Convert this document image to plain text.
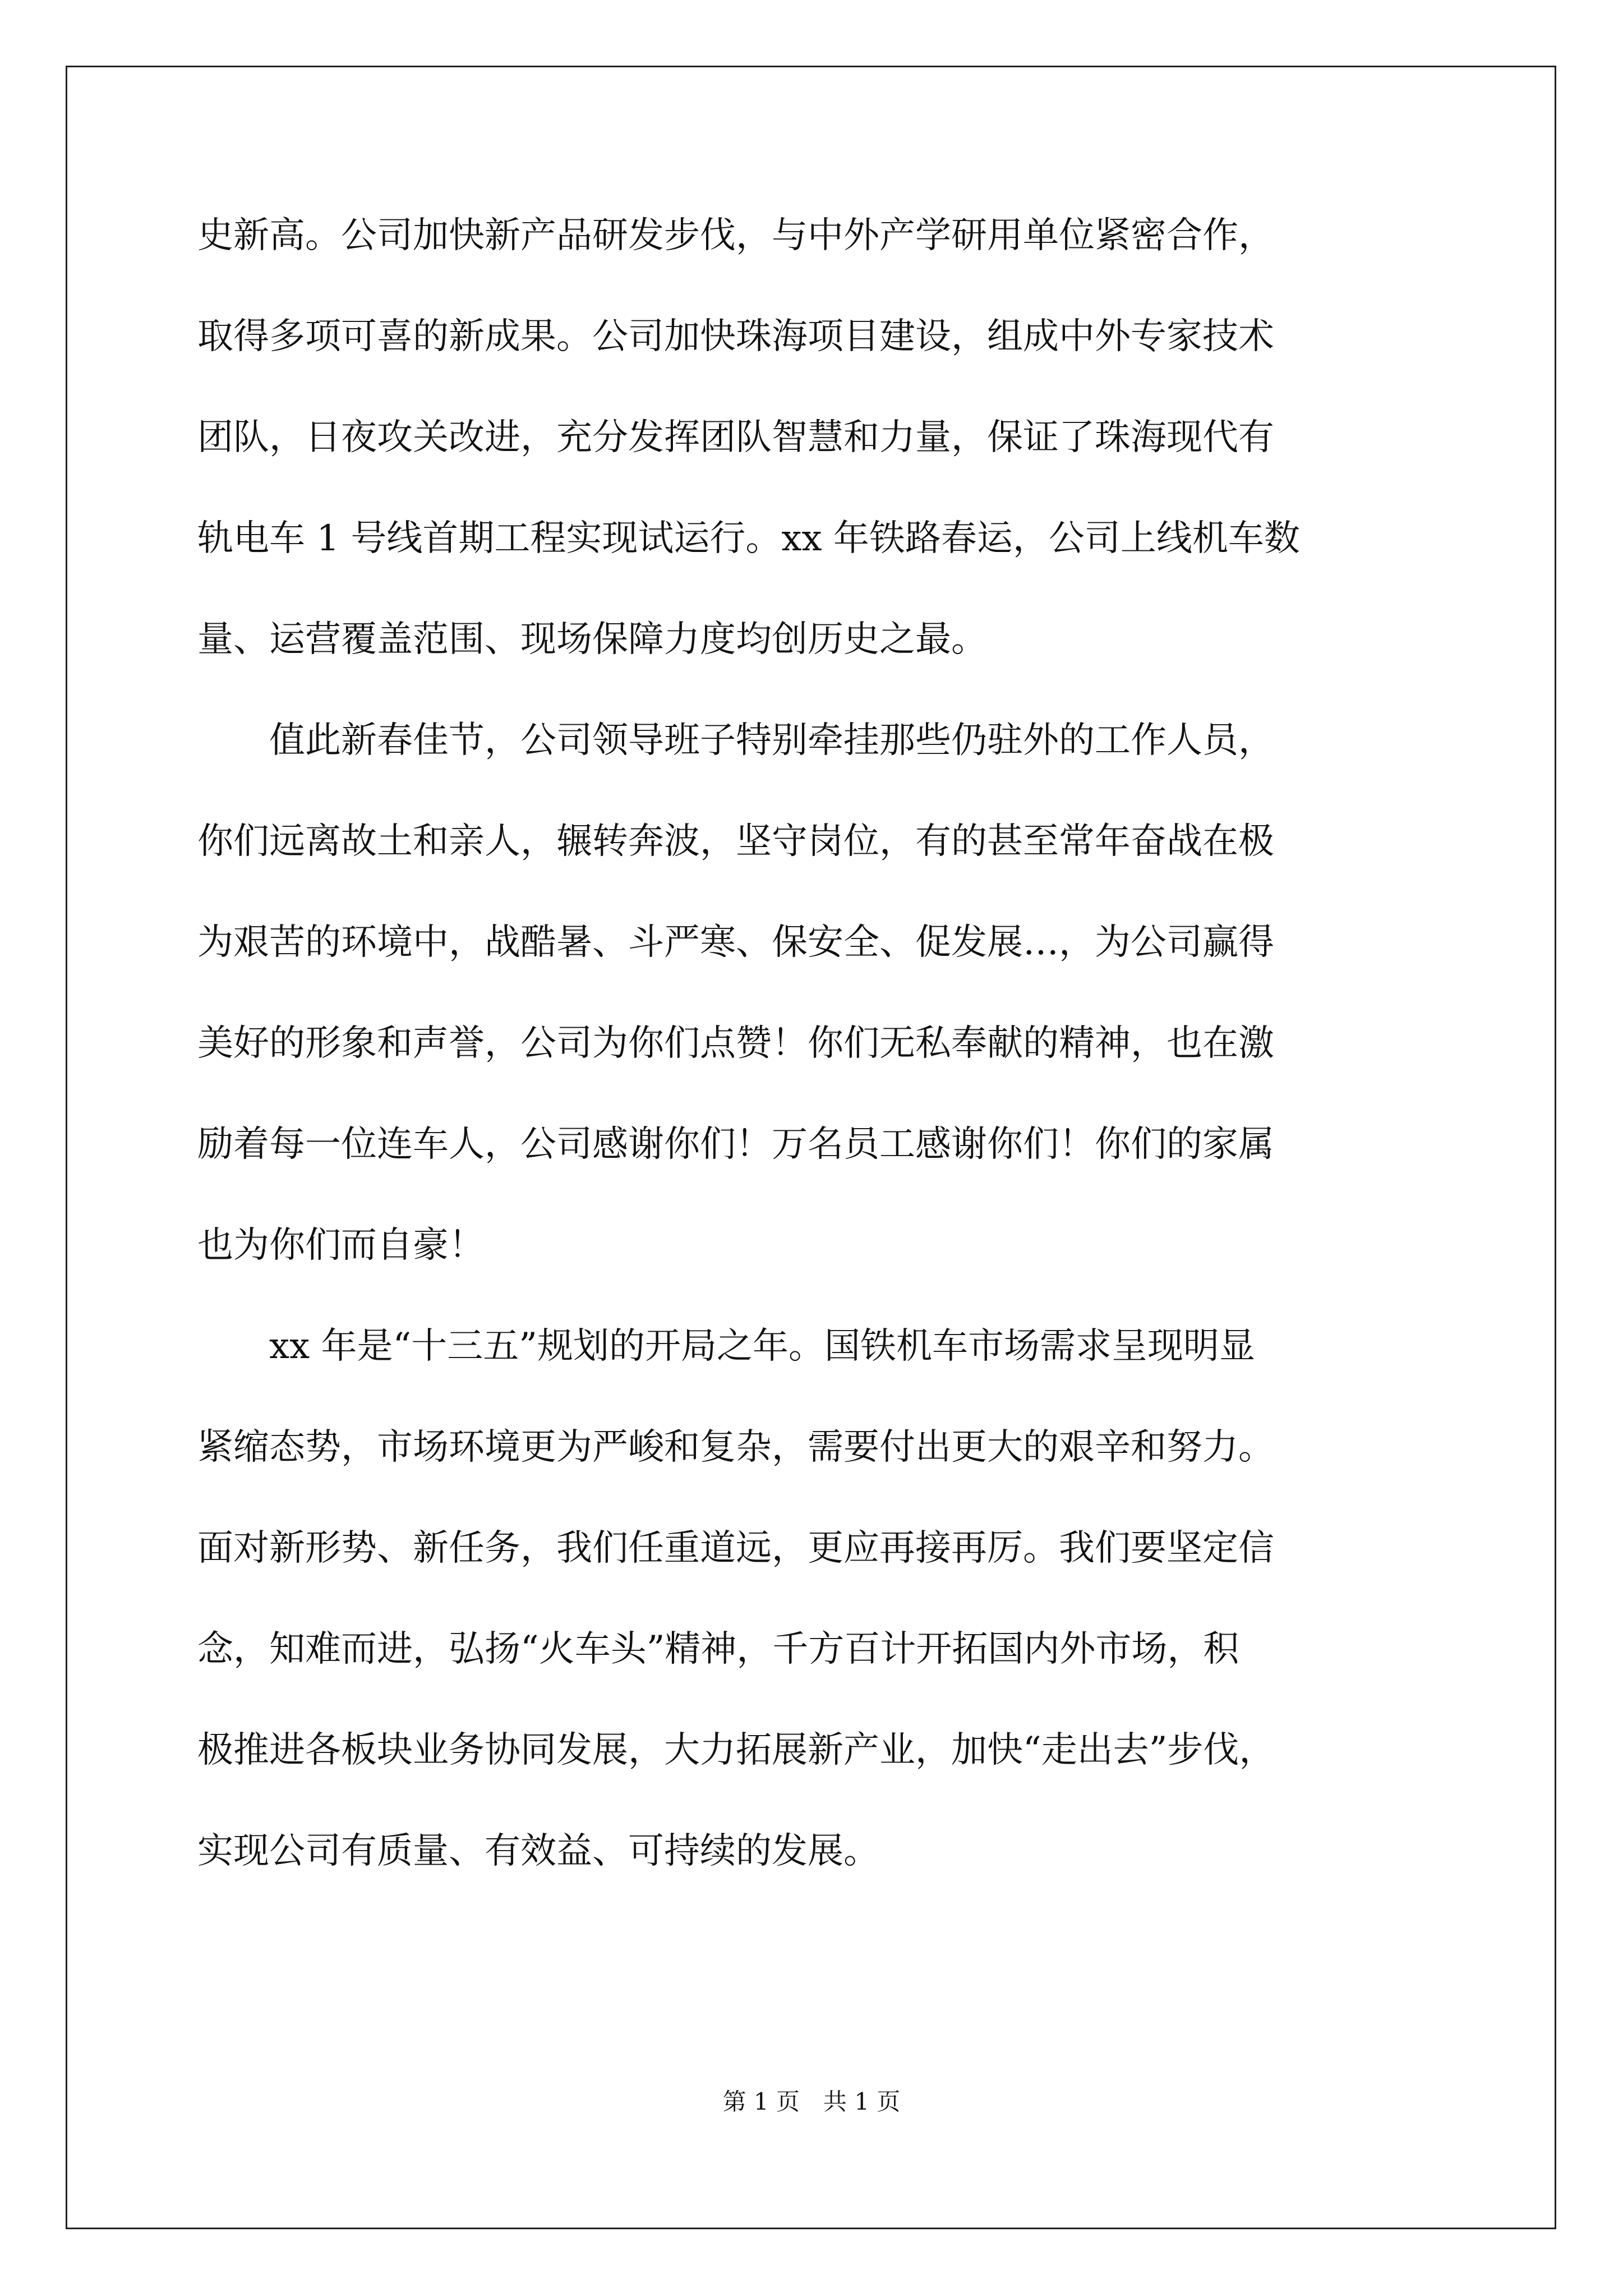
史新高。公司加快新产品研发步伐，与中外产学研用单位紧密合作，
取得多项可喜的新成果。公司加快珠海项目建设，组成中外专家技术
团队，日夜攻关改进，充分发挥团队智慧和力量，保证了珠海现代有
轨电车 1 号线首期工程实现试运行。xx 年铁路春运，公司上线机车数
量、运营覆盖范围、现场保障力度均创历史之最。
值此新春佳节，公司领导班子特别牵挂那些仍驻外的工作人员，
你们远离故土和亲人，辗转奔波，坚守岗位，有的甚至常年奋战在极
为艰苦的环境中，战酷暑、斗严寒、保安全、促发展…，为公司赢得
美好的形象和声誉，公司为你们点赞！你们无私奉献的精神，也在激
励着每一位连车人，公司感谢你们！万名员工感谢你们！你们的家属
也为你们而自豪！
xx 年是“十三五”规划的开局之年。国铁机车市场需求呈现明显
紧缩态势，市场环境更为严峻和复杂，需要付出更大的艰辛和努力。
面对新形势、新任务，我们任重道远，更应再接再厉。我们要坚定信
念，知难而进，弘扬“火车头”精神，千方百计开拓国内外市场，积
极推进各板块业务协同发展，大力拓展新产业，加快“走出去”步伐，
实现公司有质量、有效益、可持续的发展。
第 1 页　共 1 页
